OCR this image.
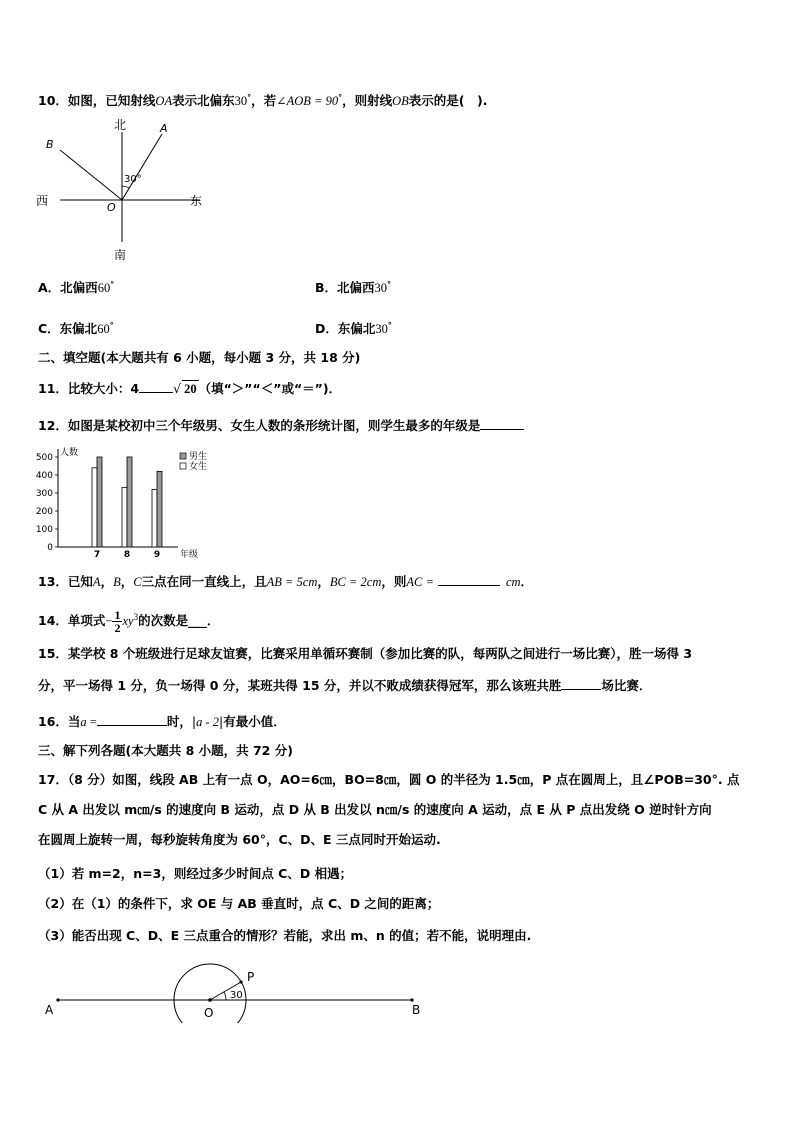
10．如图，已知射线OA表示北偏东30°，若∠AOB = 90°，则射线OB表示的是(　).
北
南
西	东
A
B
O
30°
A．北偏西60°	B．北偏西30°
C．东偏北60°	D．东偏北30°
二、填空题(本大题共有 6 小题，每小题 3 分，共 18 分)
11．比较大小：4	√ 20 （填“＞”“＜”或“＝”)．
12．如图是某校初中三个年级男、女生人数的条形统计图，则学生最多的年级是
500
400
300
200
100
0
人数
年级
7	8	9
男生
女生
13．已知A，B，C三点在同一直线上，且AB = 5cm，BC = 2cm，则AC =	cm．
14．单项式− $\frac{1}{2} xy^3$的次数是___．
15．某学校 8 个班级进行足球友谊赛，比赛采用单循环赛制（参加比赛的队，每两队之间进行一场比赛），胜一场得 3
分，平一场得 1 分，负一场得 0 分，某班共得 15 分，并以不败成绩获得冠军，那么该班共胜	场比赛．
16．当a =	时，|a - 2|有最小值．
三、解下列各题(本大题共 8 小题，共 72 分)
17．（8 分）如图，线段 AB 上有一点 O，AO=6㎝，BO=8㎝，圆 O 的半径为 1.5㎝，P 点在圆周上，且∠POB=30°. 点
C 从 A 出发以 m㎝/s 的速度向 B 运动，点 D 从 B 出发以 n㎝/s 的速度向 A 运动，点 E 从 P 点出发绕 O 逆时针方向
在圆周上旋转一周，每秒旋转角度为 60°，C、D、E 三点同时开始运动.
（1）若 m=2，n=3，则经过多少时间点 C、D 相遇；
（2）在（1）的条件下，求 OE 与 AB 垂直时，点 C、D 之间的距离；
（3）能否出现 C、D、E 三点重合的情形？若能，求出 m、n 的值；若不能，说明理由.
A	B
O
P
30
